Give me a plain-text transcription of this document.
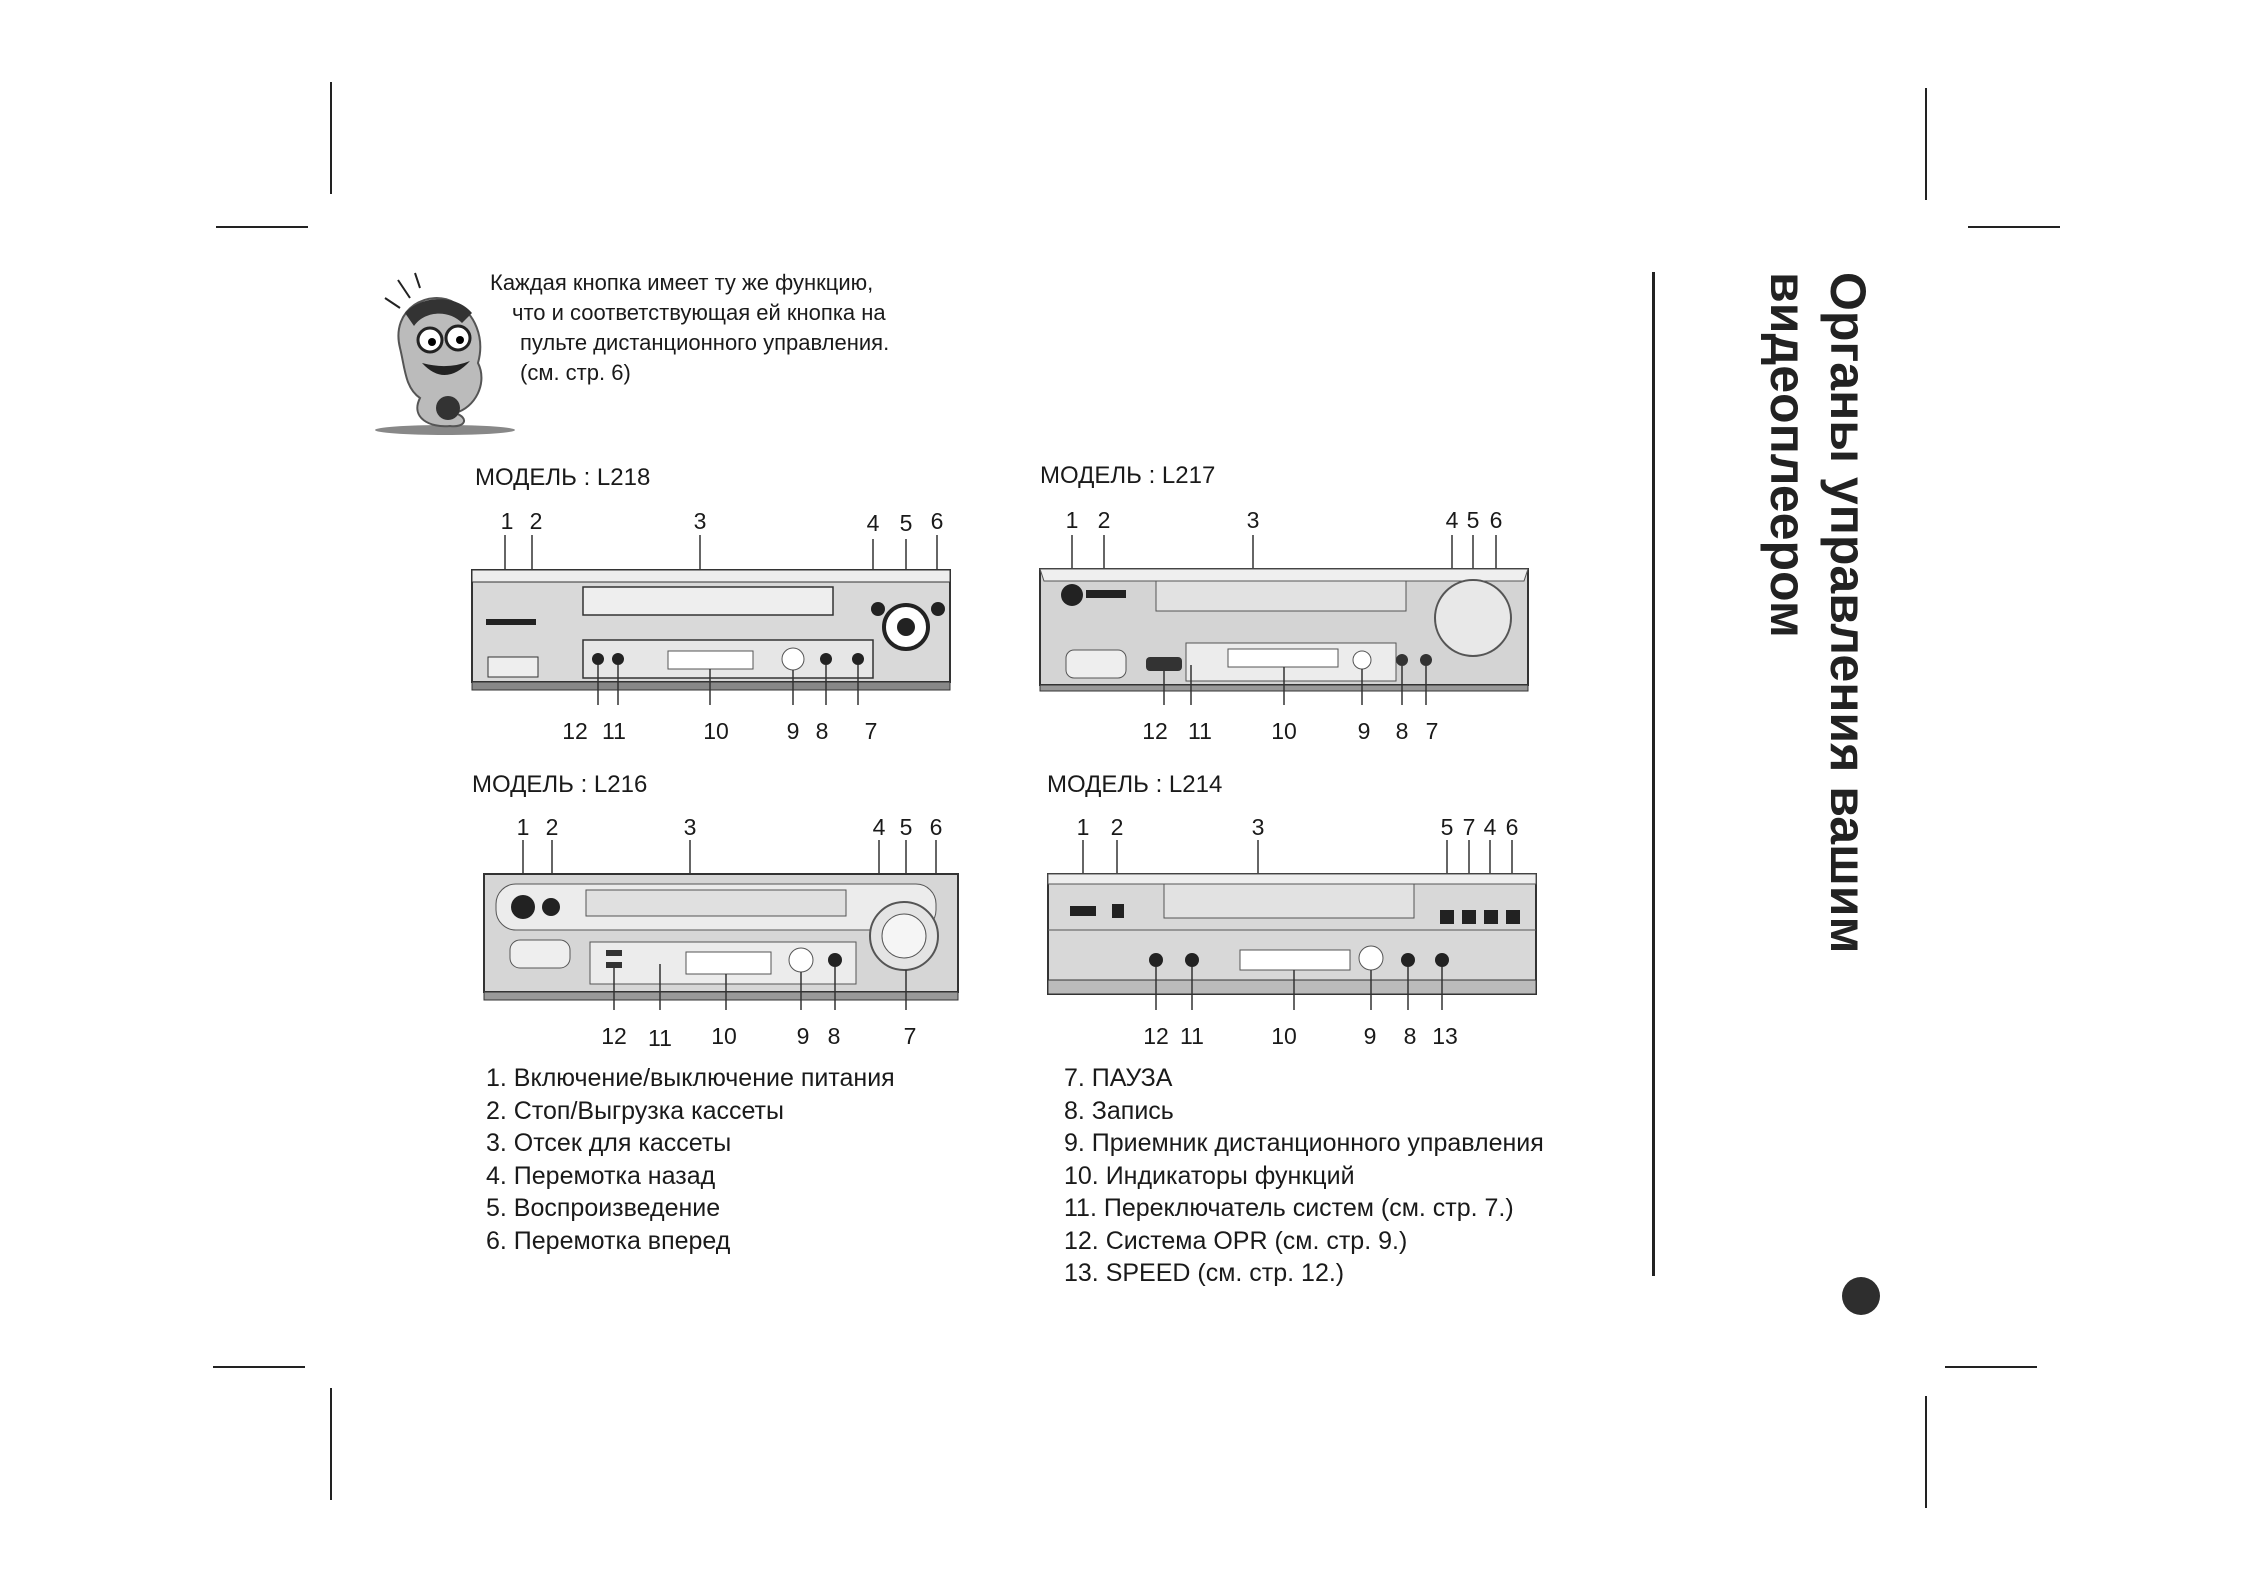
Каждая кнопка имеет ту же функцию,
что и соответствующая ей кнопка на
пульте дистанционного управления.
(см. стр. 6)
МОДЕЛЬ : L218
1 2	3	4 5 6
12 11	10	9 8 7
МОДЕЛЬ : L217
1 2	3	4 5 6
12 11	10	9 8 7
МОДЕЛЬ : L216
1 2	3	4 5 6
12 11 10	9 8	7
МОДЕЛЬ : L214
1 2	3	5 7 4 6
12 11	10	9 8 13
1. Включение/выключение питания
2. Стоп/Выгрузка кассеты
3. Отсек для кассеты
4. Перемотка назад
5. Воспроизведение
6. Перемотка вперед
7. ПАУЗА
8. Запись
9. Приемник дистанционного управления
10. Индикаторы функций
11. Переключатель систем (см. стр. 7.)
12. Система OPR (см. стр. 9.)
13. SPEED (см. стр. 12.)
Органы управления вашим
видеоплеером
